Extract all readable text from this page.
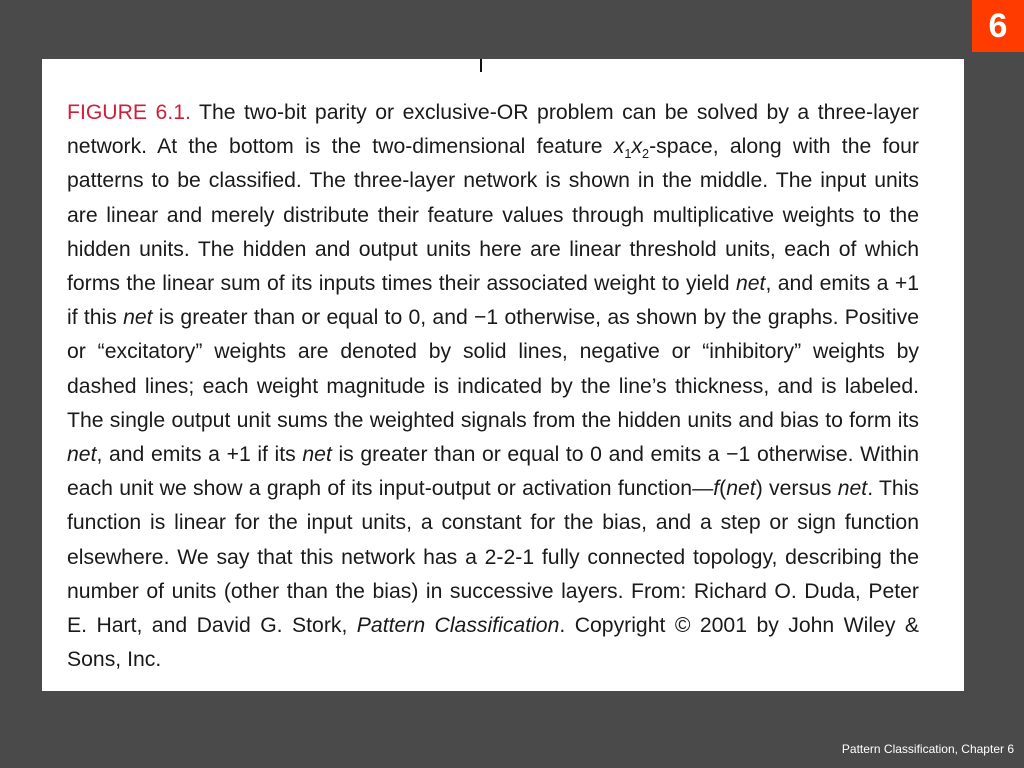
6

FIGURE 6.1. The two-bit parity or exclusive-OR problem can be solved by a three-layer network. At the bottom is the two-dimensional feature $x_1x_2$-space, along with the four patterns to be classified. The three-layer network is shown in the middle. The input units are linear and merely distribute their feature values through multiplicative weights to the hidden units. The hidden and output units here are linear threshold units, each of which forms the linear sum of its inputs times their associated weight to yield net, and emits a +1 if this net is greater than or equal to 0, and −1 otherwise, as shown by the graphs. Positive or “excitatory” weights are denoted by solid lines, negative or “inhibitory” weights by dashed lines; each weight magnitude is indicated by the line’s thickness, and is labeled. The single output unit sums the weighted signals from the hidden units and bias to form its net, and emits a +1 if its net is greater than or equal to 0 and emits a −1 otherwise. Within each unit we show a graph of its input-output or activation function—f(net) versus net. This function is linear for the input units, a constant for the bias, and a step or sign function elsewhere. We say that this network has a 2-2-1 fully connected topology, describing the number of units (other than the bias) in successive layers. From: Richard O. Duda, Peter E. Hart, and David G. Stork, Pattern Classification. Copyright © 2001 by John Wiley & Sons, Inc.

Pattern Classification, Chapter 6
